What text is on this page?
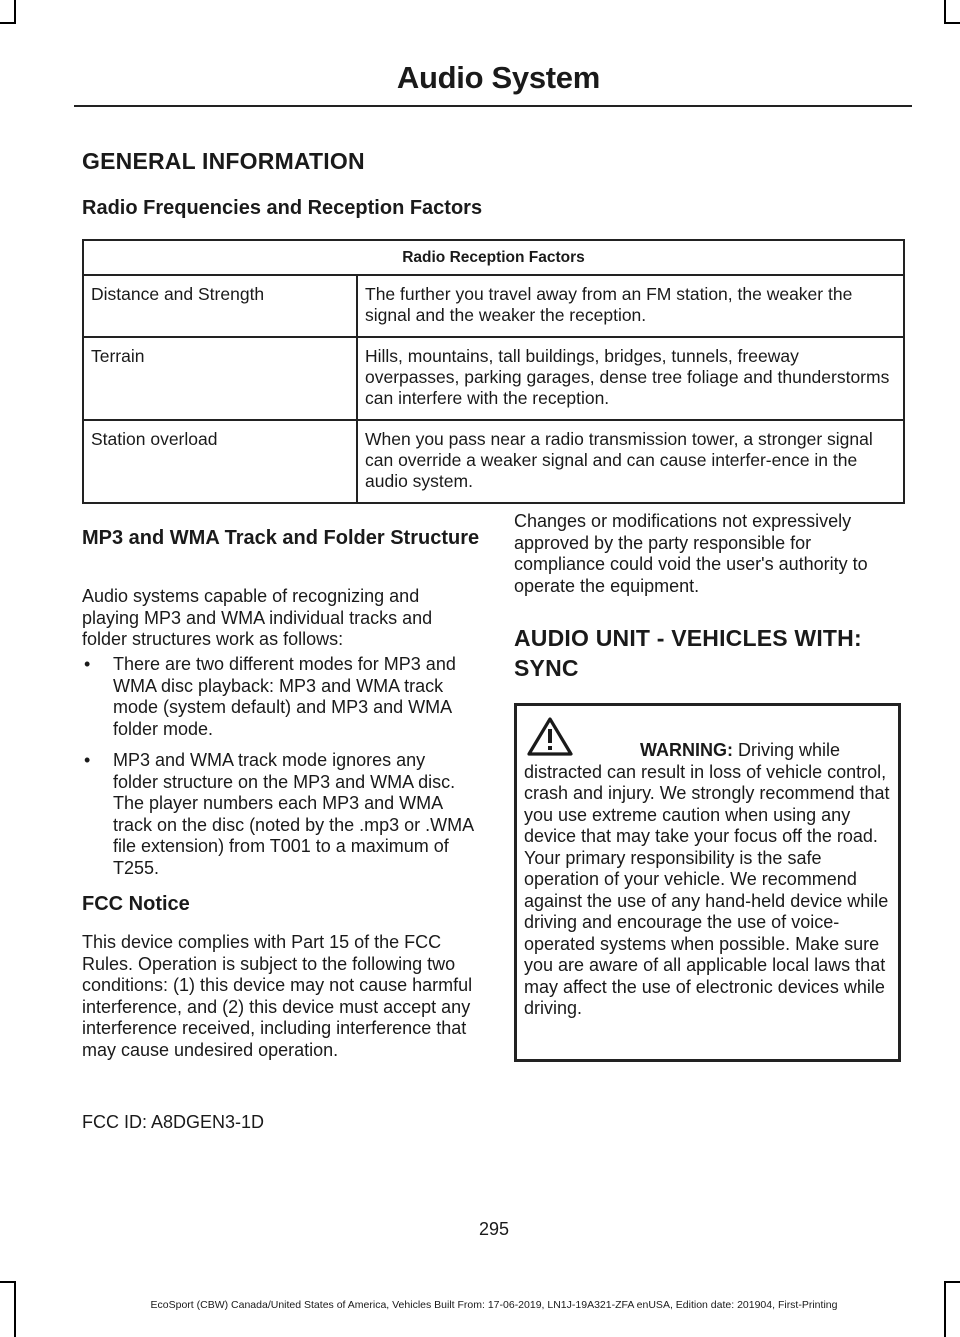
Audio System
GENERAL INFORMATION
Radio Frequencies and Reception Factors
Radio Reception Factors	
Distance and Strength	The further you travel away from an FM station, the weaker the signal and the weaker the reception.
Terrain	Hills, mountains, tall buildings, bridges, tunnels, freeway overpasses, parking garages, dense tree foliage and thunderstorms can interfere with the reception.
Station overload	When you pass near a radio transmission tower, a stronger signal can override a weaker signal and can cause interfer-ence in the audio system.
MP3 and WMA Track and Folder Structure

Audio systems capable of recognizing and playing MP3 and WMA individual tracks and folder structures work as follows:

• There are two different modes for MP3 and WMA disc playback: MP3 and WMA track mode (system default) and MP3 and WMA folder mode.
• MP3 and WMA track mode ignores any folder structure on the MP3 and WMA disc. The player numbers each MP3 and WMA track on the disc (noted by the .mp3 or .WMA file extension) from T001 to a maximum of T255.
FCC Notice

This device complies with Part 15 of the FCC Rules. Operation is subject to the following two conditions: (1) this device may not cause harmful interference, and (2) this device must accept any interference received, including interference that may cause undesired operation.

FCC ID: A8DGEN3-1D

Changes or modifications not expressively approved by the party responsible for compliance could void the user's authority to operate the equipment.

AUDIO UNIT - VEHICLES WITH:
SYNC

WARNING: Driving while distracted can result in loss of vehicle control, crash and injury. We strongly recommend that you use extreme caution when using any device that may take your focus off the road. Your primary responsibility is the safe operation of your vehicle. We recommend against the use of any hand-held device while driving and encourage the use of voice-operated systems when possible. Make sure you are aware of all applicable local laws that may affect the use of electronic devices while driving.

295
EcoSport (CBW) Canada/United States of America, Vehicles Built From: 17-06-2019, LN1J-19A321-ZFA enUSA, Edition date: 201904, First-Printing
